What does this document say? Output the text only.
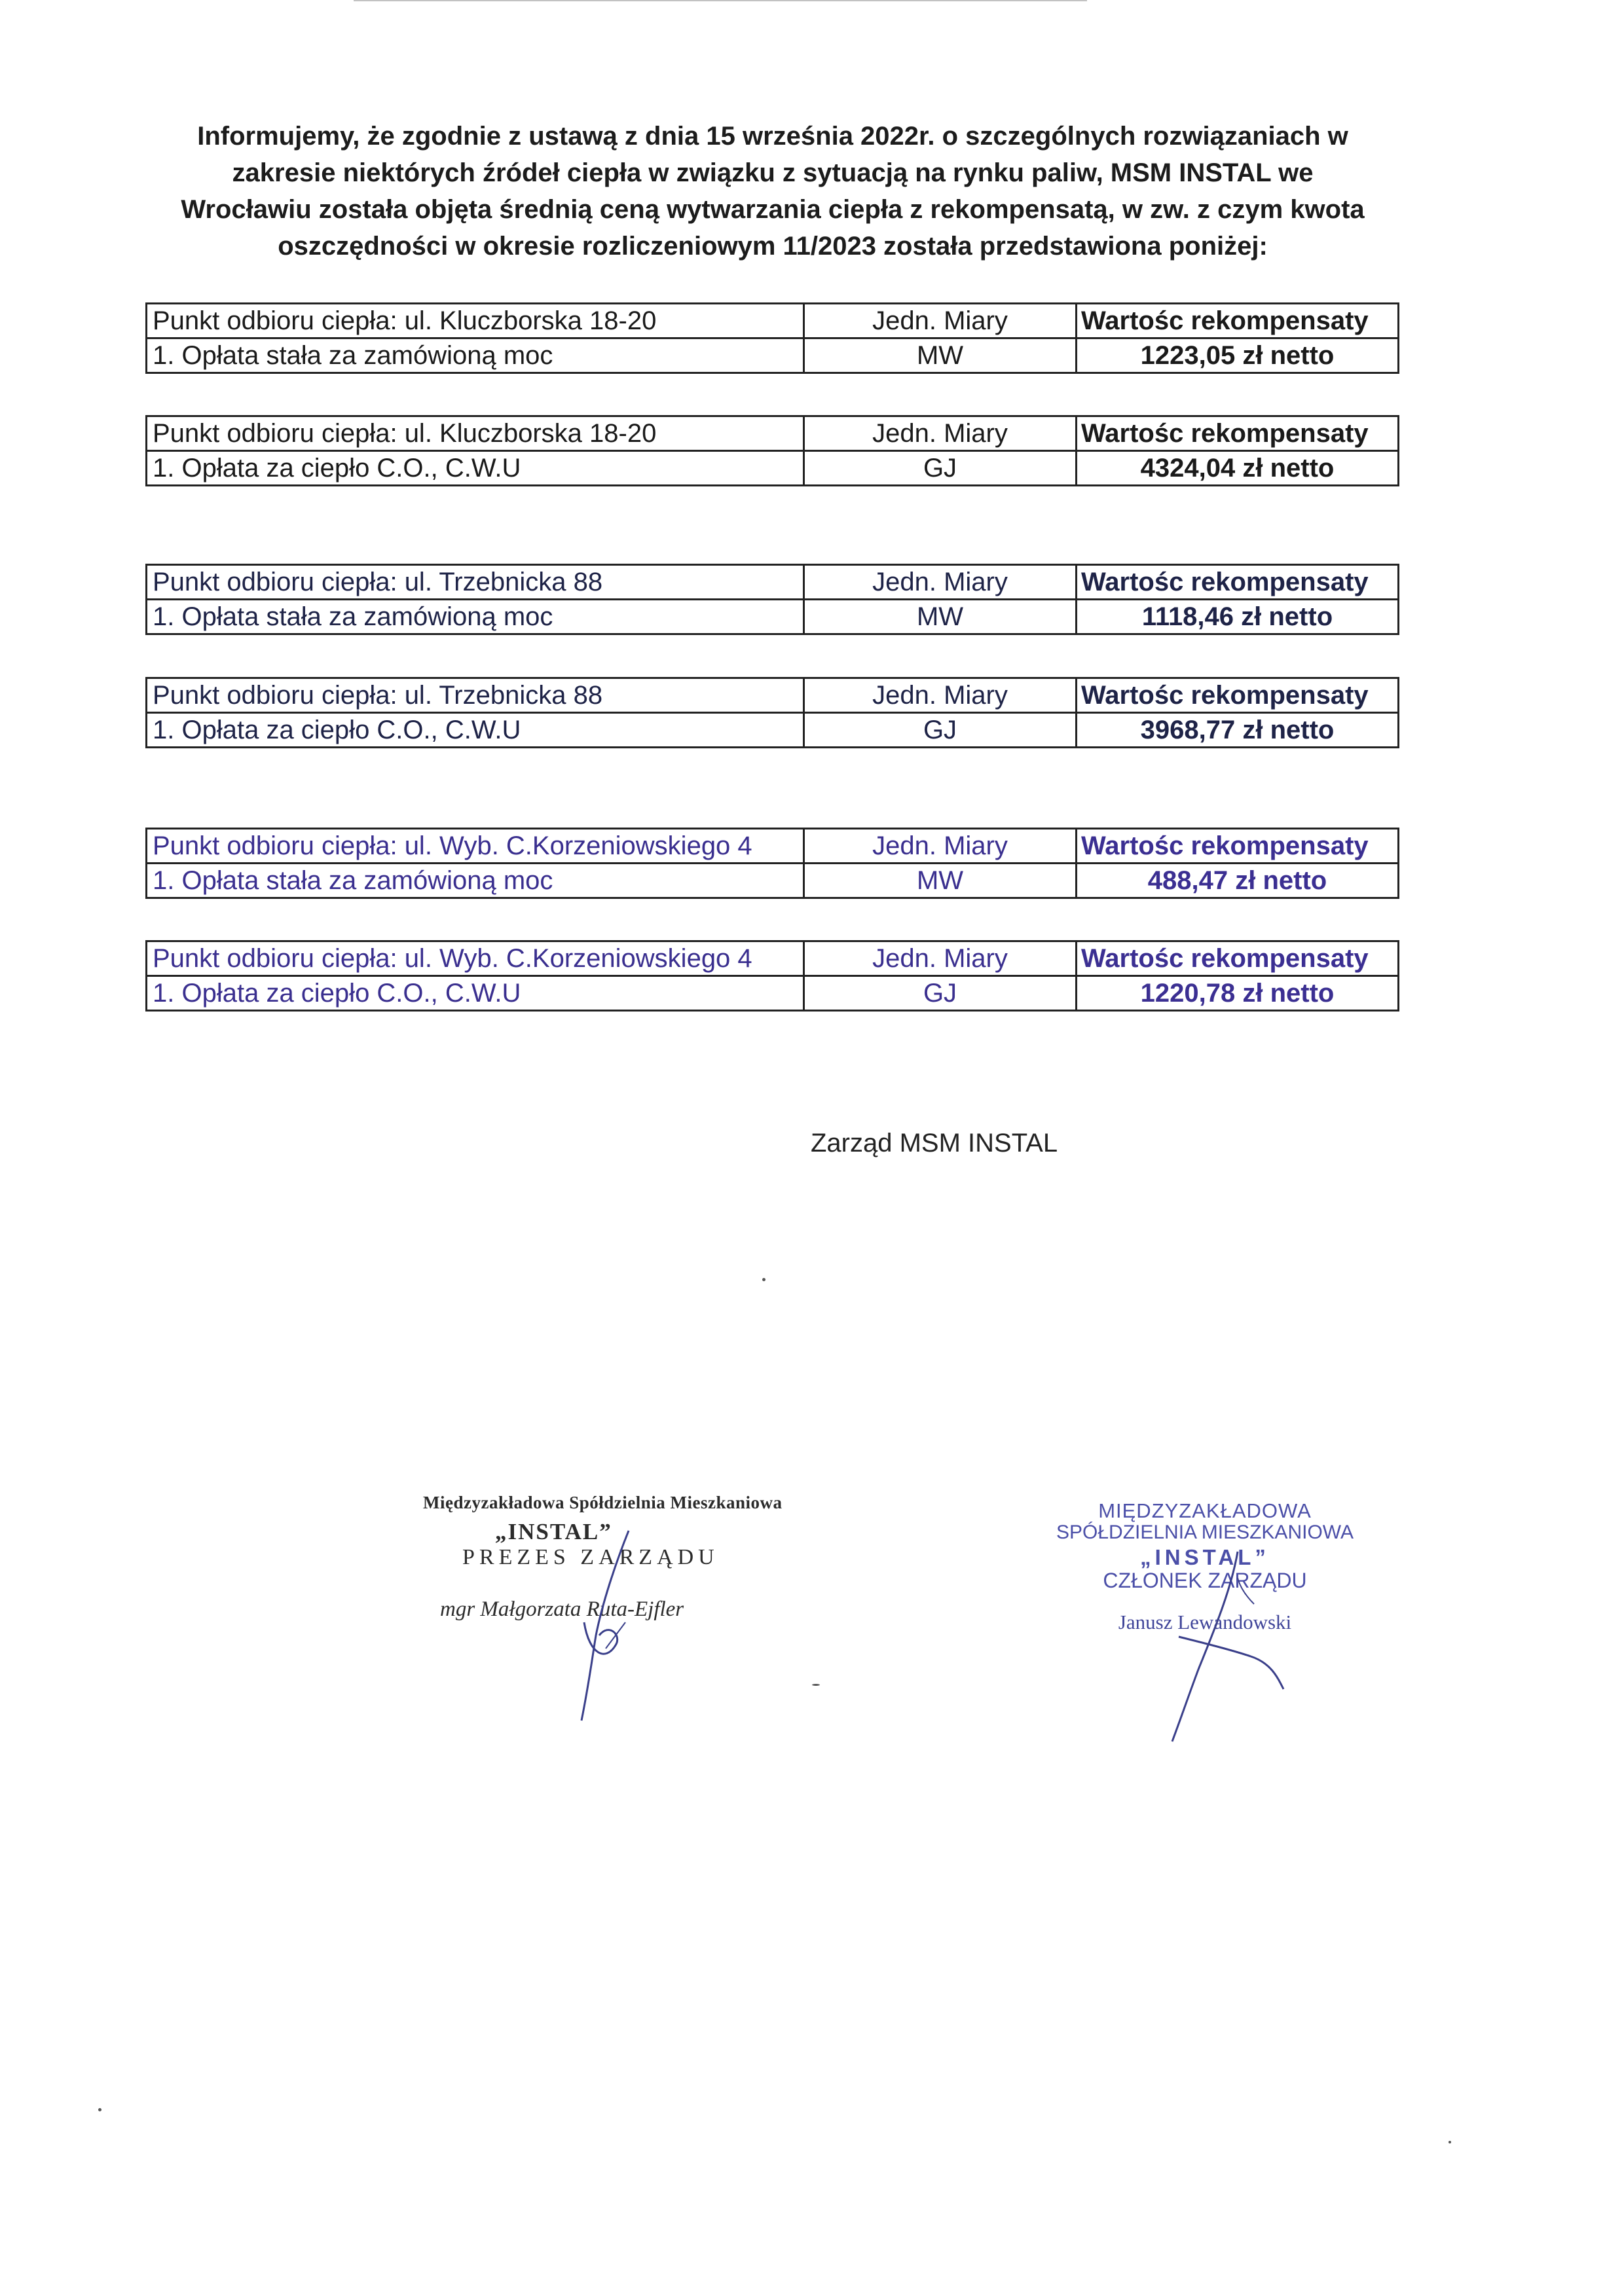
Informujemy, że zgodnie z ustawą z dnia 15 września 2022r. o szczególnych rozwiązaniach w
zakresie niektórych źródeł ciepła w związku z sytuacją na rynku paliw, MSM INSTAL we
Wrocławiu została objęta średnią ceną wytwarzania ciepła z rekompensatą, w zw. z czym kwota
oszczędności w okresie rozliczeniowym 11/2023 została przedstawiona poniżej:
Punkt odbioru ciepła: ul. Kluczborska 18-20	Jedn. Miary	Wartośc rekompensaty
1. Opłata stała za zamówioną moc	MW	1223,05 zł netto
Punkt odbioru ciepła: ul. Kluczborska 18-20	Jedn. Miary	Wartośc rekompensaty
1. Opłata za ciepło C.O., C.W.U	GJ	4324,04 zł netto
Punkt odbioru ciepła: ul. Trzebnicka 88	Jedn. Miary	Wartośc rekompensaty
1. Opłata stała za zamówioną moc	MW	1118,46 zł netto
Punkt odbioru ciepła: ul. Trzebnicka 88	Jedn. Miary	Wartośc rekompensaty
1. Opłata za ciepło C.O., C.W.U	GJ	3968,77 zł netto
Punkt odbioru ciepła: ul. Wyb. C.Korzeniowskiego 4	Jedn. Miary	Wartośc rekompensaty
1. Opłata stała za zamówioną moc	MW	488,47 zł netto
Punkt odbioru ciepła: ul. Wyb. C.Korzeniowskiego 4	Jedn. Miary	Wartośc rekompensaty
1. Opłata za ciepło C.O., C.W.U	GJ	1220,78 zł netto
Zarząd MSM INSTAL
Międzyzakładowa Spółdzielnia Mieszkaniowa
„INSTAL”
PREZES ZARZĄDU
mgr Małgorzata Ruta-Ejfler
MIĘDZYZAKŁADOWA
SPÓŁDZIELNIA MIESZKANIOWA
„INSTAL”
CZŁONEK ZARZĄDU
Janusz Lewandowski
